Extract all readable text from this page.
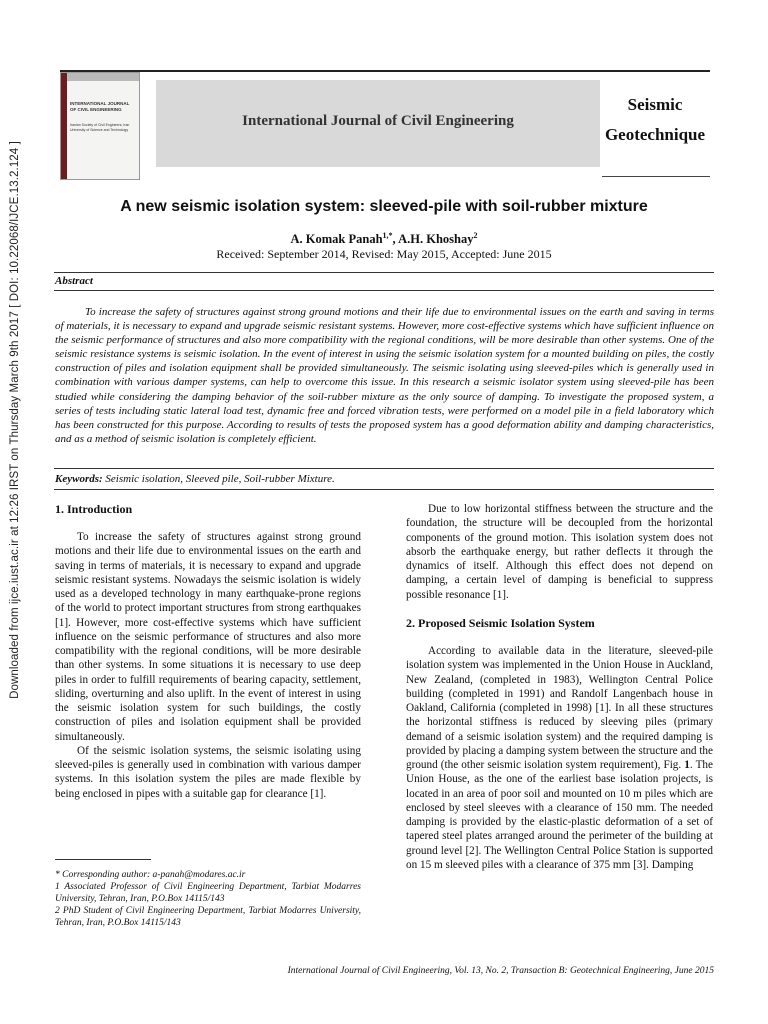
Downloaded from ijce.iust.ac.ir at 12:26 IRST on Thursday March 9th 2017 [ DOI: 10.22068/IJCE.13.2.124 ]
INTERNATIONAL JOURNAL OF CIVIL ENGINEERING
Iranian Society of Civil Engineers; Iran University of Science and Technology
International Journal of Civil Engineering
Seismic
Geotechnique
A new seismic isolation system: sleeved-pile with soil-rubber mixture
A. Komak Panah$^{1,*}$, A.H. Khoshay$^2$
Received: September 2014, Revised: May 2015, Accepted: June 2015
Abstract
To increase the safety of structures against strong ground motions and their life due to environmental issues on the earth and saving in terms of materials, it is necessary to expand and upgrade seismic resistant systems. However, more cost-effective systems which have sufficient influence on the seismic performance of structures and also more compatibility with the regional conditions, will be more desirable than other systems. One of the seismic resistance systems is seismic isolation. In the event of interest in using the seismic isolation system for a mounted building on piles, the costly construction of piles and isolation equipment shall be provided simultaneously. The seismic isolating using sleeved-piles which is generally used in combination with various damper systems, can help to overcome this issue. In this research a seismic isolator system using sleeved-pile has been studied while considering the damping behavior of the soil-rubber mixture as the only source of damping. To investigate the proposed system, a series of tests including static lateral load test, dynamic free and forced vibration tests, were performed on a model pile in a field laboratory which has been constructed for this purpose. According to results of tests the proposed system has a good deformation ability and damping characteristics, and as a method of seismic isolation is completely efficient.
Keywords: Seismic isolation, Sleeved pile, Soil-rubber Mixture.
1. Introduction

To increase the safety of structures against strong ground motions and their life due to environmental issues on the earth and saving in terms of materials, it is necessary to expand and upgrade seismic resistant systems. Nowadays the seismic isolation is widely used as a developed technology in many earthquake-prone regions of the world to protect important structures from strong earthquakes [1]. However, more cost-effective systems which have sufficient influence on the seismic performance of structures and also more compatibility with the regional conditions, will be more desirable than other systems. In some situations it is necessary to use deep piles in order to fulfill requirements of bearing capacity, settlement, sliding, overturning and also uplift. In the event of interest in using the seismic isolation system for such buildings, the costly construction of piles and isolation equipment shall be provided simultaneously.

Of the seismic isolation systems, the seismic isolating using sleeved-piles is generally used in combination with various damper systems. In this isolation system the piles are made flexible by being enclosed in pipes with a suitable gap for clearance [1].

Due to low horizontal stiffness between the structure and the foundation, the structure will be decoupled from the horizontal components of the ground motion. This isolation system does not absorb the earthquake energy, but rather deflects it through the dynamics of itself. Although this effect does not depend on damping, a certain level of damping is beneficial to suppress possible resonance [1].

2. Proposed Seismic Isolation System

According to available data in the literature, sleeved-pile isolation system was implemented in the Union House in Auckland, New Zealand, (completed in 1983), Wellington Central Police building (completed in 1991) and Randolf Langenbach house in Oakland, California (completed in 1998) [1]. In all these structures the horizontal stiffness is reduced by sleeving piles (primary demand of a seismic isolation system) and the required damping is provided by placing a damping system between the structure and the ground (the other seismic isolation system requirement), Fig. 1. The Union House, as the one of the earliest base isolation projects, is located in an area of poor soil and mounted on 10 m piles which are enclosed by steel sleeves with a clearance of 150 mm. The needed damping is provided by the elastic-plastic deformation of a set of tapered steel plates arranged around the perimeter of the building at ground level [2]. The Wellington Central Police Station is supported on 15 m sleeved piles with a clearance of 375 mm [3]. Damping

* Corresponding author: a-panah@modares.ac.ir
1 Associated Professor of Civil Engineering Department, Tarbiat Modarres University, Tehran, Iran, P.O.Box 14115/143
2 PhD Student of Civil Engineering Department, Tarbiat Modarres University, Tehran, Iran, P.O.Box 14115/143
International Journal of Civil Engineering, Vol. 13, No. 2, Transaction B: Geotechnical Engineering, June 2015
